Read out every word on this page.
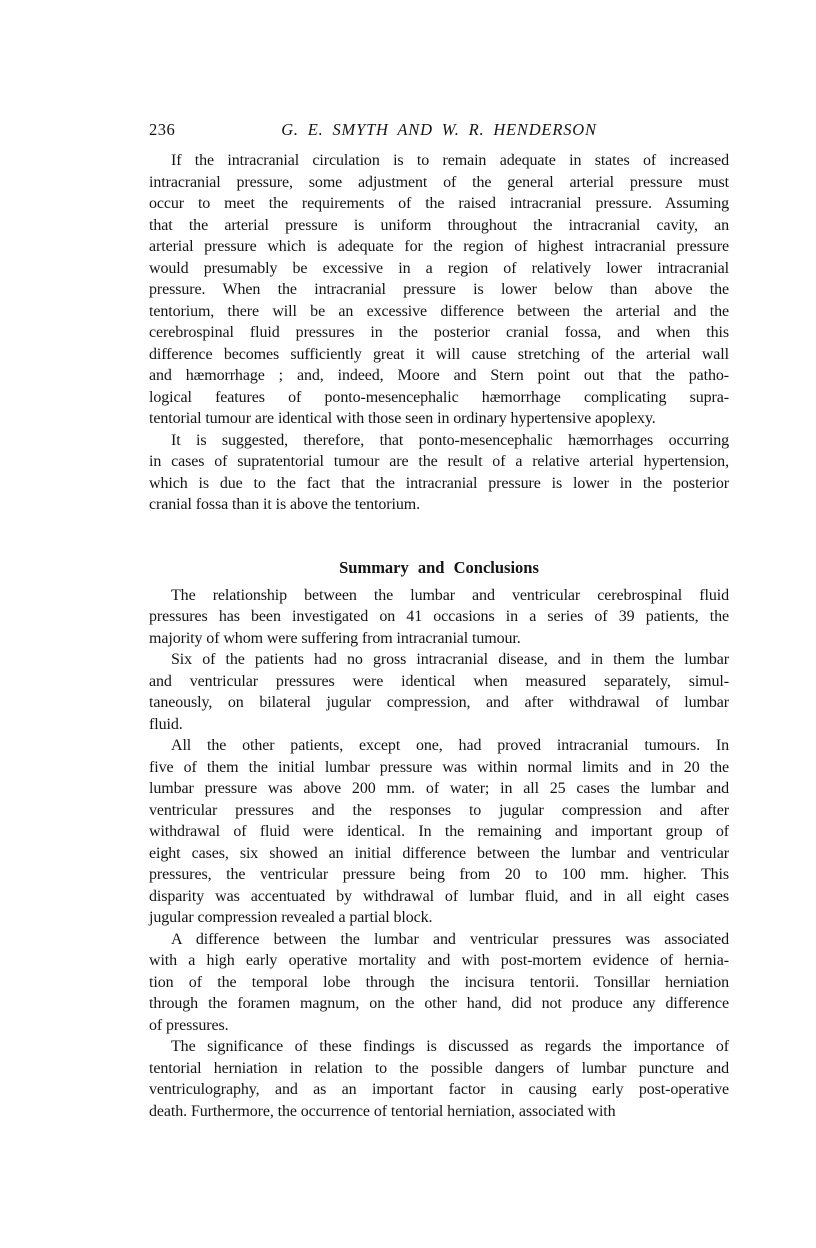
236	G. E. SMYTH AND W. R. HENDERSON
If the intracranial circulation is to remain adequate in states of increased
intracranial pressure, some adjustment of the general arterial pressure must
occur to meet the requirements of the raised intracranial pressure. Assuming
that the arterial pressure is uniform throughout the intracranial cavity, an
arterial pressure which is adequate for the region of highest intracranial pressure
would presumably be excessive in a region of relatively lower intracranial
pressure. When the intracranial pressure is lower below than above the
tentorium, there will be an excessive difference between the arterial and the
cerebrospinal fluid pressures in the posterior cranial fossa, and when this
difference becomes sufficiently great it will cause stretching of the arterial wall
and hæmorrhage ; and, indeed, Moore and Stern point out that the patho-
logical features of ponto-mesencephalic hæmorrhage complicating supra-
tentorial tumour are identical with those seen in ordinary hypertensive apoplexy.
It is suggested, therefore, that ponto-mesencephalic hæmorrhages occurring
in cases of supratentorial tumour are the result of a relative arterial hypertension,
which is due to the fact that the intracranial pressure is lower in the posterior
cranial fossa than it is above the tentorium.
Summary and Conclusions
The relationship between the lumbar and ventricular cerebrospinal fluid
pressures has been investigated on 41 occasions in a series of 39 patients, the
majority of whom were suffering from intracranial tumour.
Six of the patients had no gross intracranial disease, and in them the lumbar
and ventricular pressures were identical when measured separately, simul-
taneously, on bilateral jugular compression, and after withdrawal of lumbar
fluid.
All the other patients, except one, had proved intracranial tumours. In
five of them the initial lumbar pressure was within normal limits and in 20 the
lumbar pressure was above 200 mm. of water; in all 25 cases the lumbar and
ventricular pressures and the responses to jugular compression and after
withdrawal of fluid were identical. In the remaining and important group of
eight cases, six showed an initial difference between the lumbar and ventricular
pressures, the ventricular pressure being from 20 to 100 mm. higher. This
disparity was accentuated by withdrawal of lumbar fluid, and in all eight cases
jugular compression revealed a partial block.
A difference between the lumbar and ventricular pressures was associated
with a high early operative mortality and with post-mortem evidence of hernia-
tion of the temporal lobe through the incisura tentorii. Tonsillar herniation
through the foramen magnum, on the other hand, did not produce any difference
of pressures.
The significance of these findings is discussed as regards the importance of
tentorial herniation in relation to the possible dangers of lumbar puncture and
ventriculography, and as an important factor in causing early post-operative
death. Furthermore, the occurrence of tentorial herniation, associated with
